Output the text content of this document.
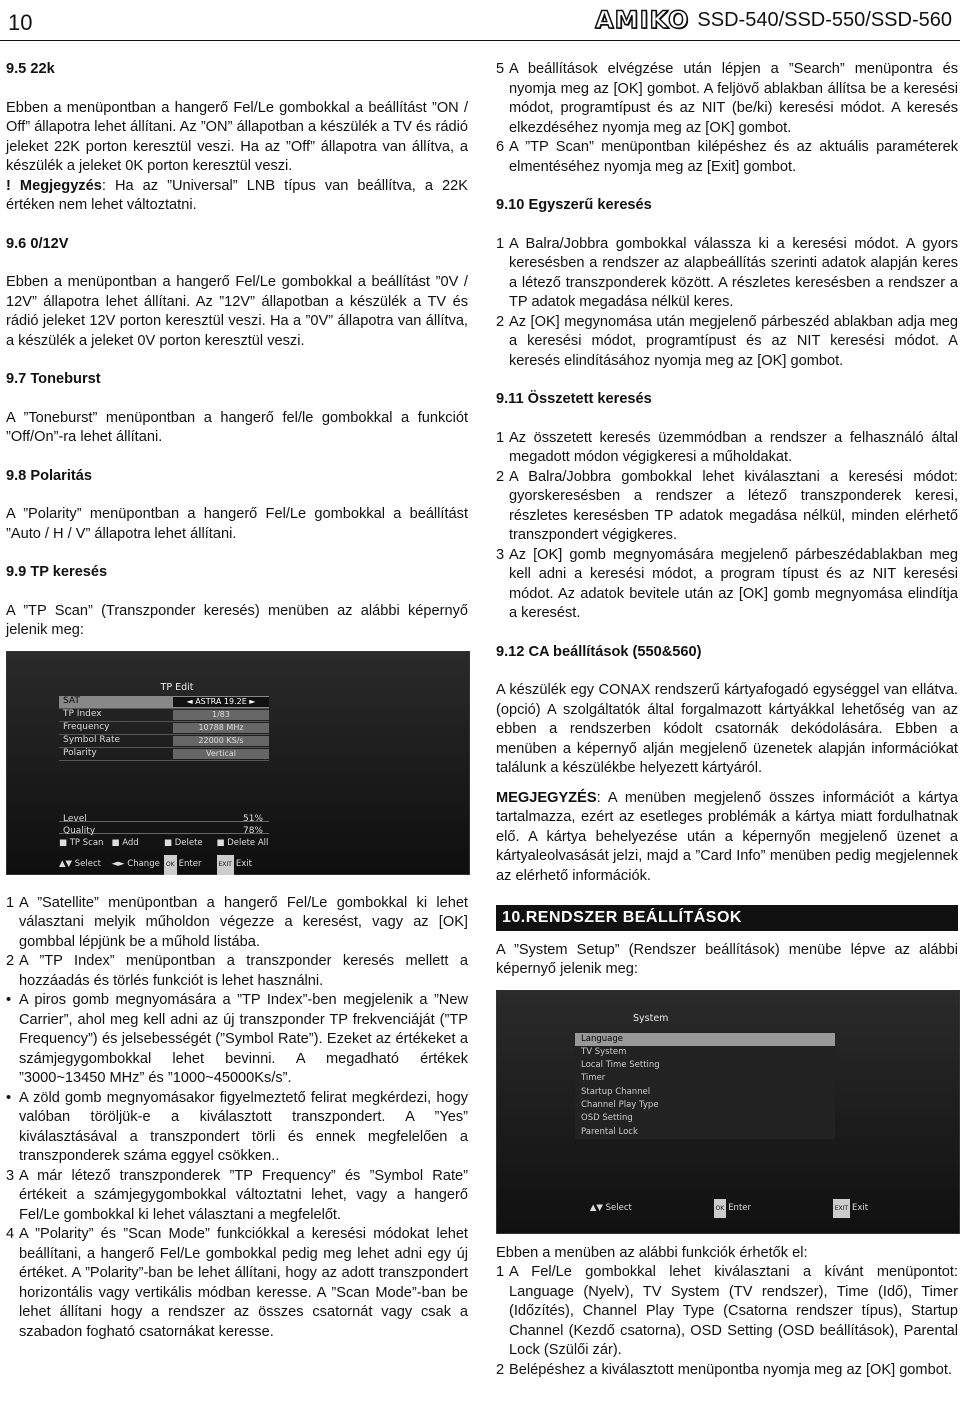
10	AMIKO SSD-540/SSD-550/SSD-560
9.5 22k

Ebben a menüpontban a hangerő Fel/Le gombokkal a beállítást ”ON / Off” állapotra lehet állítani. Az ”ON” állapotban a készülék a TV és rádió jeleket 22K porton keresztül veszi. Ha az ”Off” állapotra van állítva, a készülék a jeleket 0K porton keresztül veszi.

! Megjegyzés: Ha az ”Universal” LNB típus van beállítva, a 22K értéken nem lehet változtatni.

9.6 0/12V

Ebben a menüpontban a hangerő Fel/Le gombokkal a beállítást ”0V / 12V” állapotra lehet állítani. Az ”12V” állapotban a készülék a TV és rádió jeleket 12V porton keresztül veszi. Ha a ”0V” állapotra van állítva, a készülék a jeleket 0V porton keresztül veszi.

9.7 Toneburst

A ”Toneburst” menüpontban a hangerő fel/le gombokkal a funkciót ”Off/On”-ra lehet állítani.

9.8 Polaritás

A ”Polarity” menüpontban a hangerő Fel/Le gombokkal a beállítást ”Auto / H / V” állapotra lehet állítani.

9.9 TP keresés

A ”TP Scan” (Transzponder keresés) menüben az alábbi képernyő jelenik meg:

TP Edit
SAT	◄ ASTRA 19.2E ►
TP Index	1/83
Frequency	10788 MHz
Symbol Rate	22000 KS/s
Polarity	Vertical
Level	51%
Quality	78%
■ TP Scan ■ Add	■ Delete	■ Delete All
▲▼ Select	◄► Change	OK Enter	EXIT Exit
1 A ”Satellite” menüpontban a hangerő Fel/Le gombokkal ki lehet választani melyik műholdon végezze a keresést, vagy az [OK] gombbal lépjünk be a műhold listába.
2 A ”TP Index” menüpontban a transzponder keresés mellett a hozzáadás és törlés funkciót is lehet használni.
• A piros gomb megnyomására a ”TP Index”-ben megjelenik a ”New Carrier”, ahol meg kell adni az új transzponder TP frekvenciáját (”TP Frequency”) és jelsebességét (”Symbol Rate”). Ezeket az értékeket a számjegygombokkal lehet bevinni. A megadható értékek ”3000~13450 MHz” és ”1000~45000Ks/s”.
• A zöld gomb megnyomásakor figyelmeztető felirat megkérdezi, hogy valóban töröljük-e a kiválasztott transzpondert. A ”Yes” kiválasztásával a transzpondert törli és ennek megfelelően a transzponderek száma eggyel csökken..
3 A már létező transzponderek ”TP Frequency” és ”Symbol Rate” értékeit a számjegygombokkal változtatni lehet, vagy a hangerő Fel/Le gombokkal ki lehet választani a megfelelőt.
4 A ”Polarity” és ”Scan Mode” funkciókkal a keresési módokat lehet beállítani, a hangerő Fel/Le gombokkal pedig meg lehet adni egy új értéket. A ”Polarity”-ban be lehet állítani, hogy az adott transzpondert horizontális vagy vertikális módban keresse. A ”Scan Mode”-ban be lehet állítani hogy a rendszer az összes csatornát vagy csak a szabadon fogható csatornákat keresse.
5 A beállítások elvégzése után lépjen a ”Search” menüpontra és nyomja meg az [OK] gombot. A feljövő ablakban állítsa be a keresési módot, programtípust és az NIT (be/ki) keresési módot. A keresés elkezdéséhez nyomja meg az [OK] gombot.
6 A ”TP Scan” menüpontban kilépéshez és az aktuális paraméterek elmentéséhez nyomja meg az [Exit] gombot.
9.10 Egyszerű keresés
1 A Balra/Jobbra gombokkal válassza ki a keresési módot. A gyors keresésben a rendszer az alapbeállítás szerinti adatok alapján keres a létező transzponderek között. A részletes keresésben a rendszer a TP adatok megadása nélkül keres.
2 Az [OK] megynomása után megjelenő párbeszéd ablakban adja meg a keresési módot, programtípust és az NIT keresési módot. A keresés elindításához nyomja meg az [OK] gombot.
9.11 Összetett keresés
1 Az összetett keresés üzemmódban a rendszer a felhasználó által megadott módon végigkeresi a műholdakat.
2 A Balra/Jobbra gombokkal lehet kiválasztani a keresési módot: gyorskeresésben a rendszer a létező transzponderek keresi, részletes keresésben TP adatok megadása nélkül, minden elérhető transzpondert végigkeres.
3 Az [OK] gomb megnyomására megjelenő párbeszédablakban meg kell adni a keresési módot, a program típust és az NIT keresési módot. Az adatok bevitele után az [OK] gomb megnyomása elindítja a keresést.
9.12 CA beállítások (550&560)

A készülék egy CONAX rendszerű kártyafogadó egységgel van ellátva. (opció) A szolgáltatók által forgalmazott kártyákkal lehetőség van az ebben a rendszerben kódolt csatornák dekódolására. Ebben a menüben a képernyő alján megjelenő üzenetek alapján információkat találunk a készülékbe helyezett kártyáról.

MEGJEGYZÉS: A menüben megjelenő összes információt a kártya tartalmazza, ezért az esetleges problémák a kártya miatt fordulhatnak elő. A kártya behelyezése után a képernyőn megjelenő üzenet a kártyaleolvasását jelzi, majd a ”Card Info” menüben pedig megjelennek az elérhető információk.

10.RENDSZER BEÁLLÍTÁSOK

A ”System Setup” (Rendszer beállítások) menübe lépve az alábbi képernyő jelenik meg:

System
Language
TV System
Local Time Setting
Timer
Startup Channel
Channel Play Type
OSD Setting
Parental Lock
▲▼ Select	OK Enter	EXIT Exit

Ebben a menüben az alábbi funkciók érhetők el:

1 A Fel/Le gombokkal lehet kiválasztani a kívánt menüpontot: Language (Nyelv), TV System (TV rendszer), Time (Idő), Timer (Időzítés), Channel Play Type (Csatorna rendszer típus), Startup Channel (Kezdő csatorna), OSD Setting (OSD beállítások), Parental Lock (Szülői zár).
2 Belépéshez a kiválasztott menüpontba nyomja meg az [OK] gombot.
